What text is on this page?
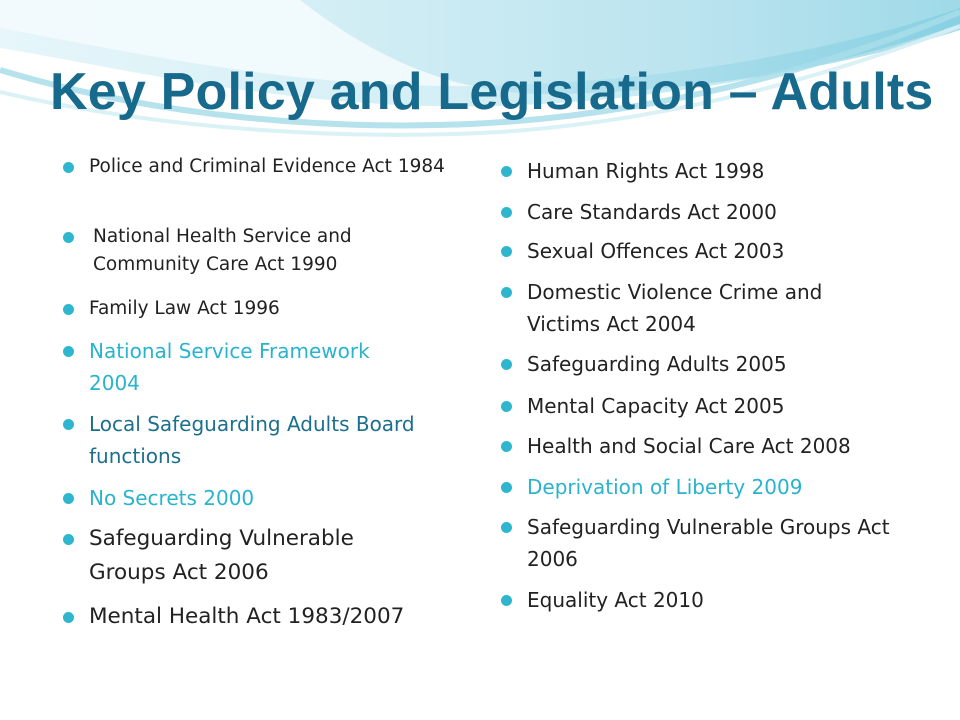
Key Policy and Legislation – Adults
Police and Criminal Evidence Act 1984
National Health Service and Community Care Act 1990
Family Law Act 1996
National Service Framework 2004
Local Safeguarding Adults Board functions
No Secrets 2000
Safeguarding Vulnerable Groups Act 2006
Mental Health Act 1983/2007
Human Rights Act 1998
Care Standards Act 2000
Sexual Offences Act 2003
Domestic Violence Crime and Victims Act 2004
Safeguarding Adults 2005
Mental Capacity Act 2005
Health and Social Care Act 2008
Deprivation of Liberty 2009
Safeguarding Vulnerable Groups Act 2006
Equality Act 2010
